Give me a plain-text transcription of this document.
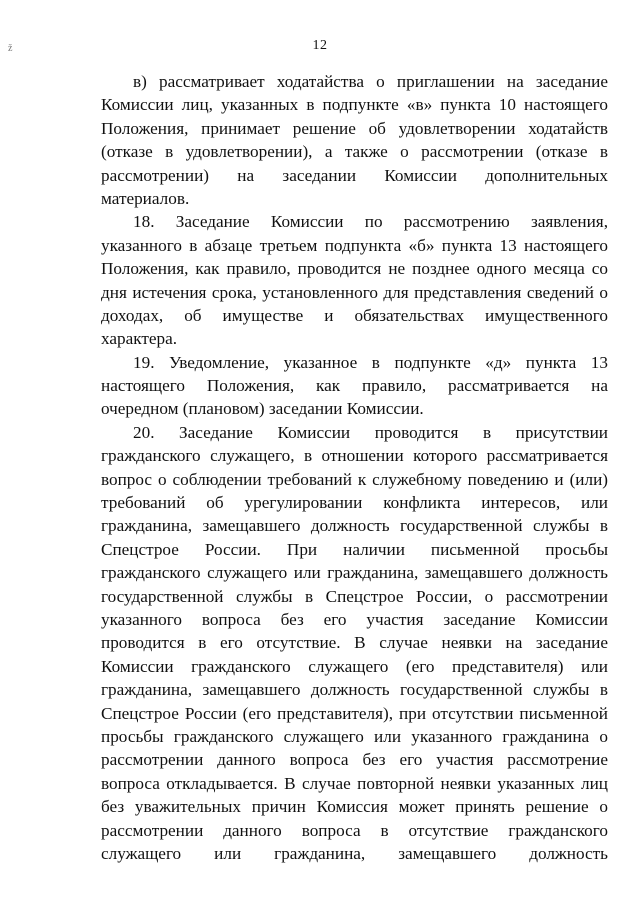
ž	12
в) рассматривает ходатайства о приглашении на заседание
Комиссии лиц, указанных в подпункте «в» пункта 10 настоящего
Положения, принимает решение об удовлетворении ходатайств
(отказе в удовлетворении), а также о рассмотрении (отказе в
рассмотрении) на заседании Комиссии дополнительных
материалов.
18. Заседание Комиссии по рассмотрению заявления,
указанного в абзаце третьем подпункта «б» пункта 13 настоящего
Положения, как правило, проводится не позднее одного месяца со
дня истечения срока, установленного для представления сведений о
доходах, об имуществе и обязательствах имущественного
характера.
19. Уведомление, указанное в подпункте «д» пункта 13
настоящего Положения, как правило, рассматривается на
очередном (плановом) заседании Комиссии.
20. Заседание Комиссии проводится в присутствии
гражданского служащего, в отношении которого рассматривается
вопрос о соблюдении требований к служебному поведению и (или)
требований об урегулировании конфликта интересов, или
гражданина, замещавшего должность государственной службы в
Спецстрое России. При наличии письменной просьбы
гражданского служащего или гражданина, замещавшего должность
государственной службы в Спецстрое России, о рассмотрении
указанного вопроса без его участия заседание Комиссии
проводится в его отсутствие. В случае неявки на заседание
Комиссии гражданского служащего (его представителя) или
гражданина, замещавшего должность государственной службы в
Спецстрое России (его представителя), при отсутствии письменной
просьбы гражданского служащего или указанного гражданина о
рассмотрении данного вопроса без его участия рассмотрение
вопроса откладывается. В случае повторной неявки указанных лиц
без уважительных причин Комиссия может принять решение о
рассмотрении данного вопроса в отсутствие гражданского
служащего или гражданина, замещавшего должность
